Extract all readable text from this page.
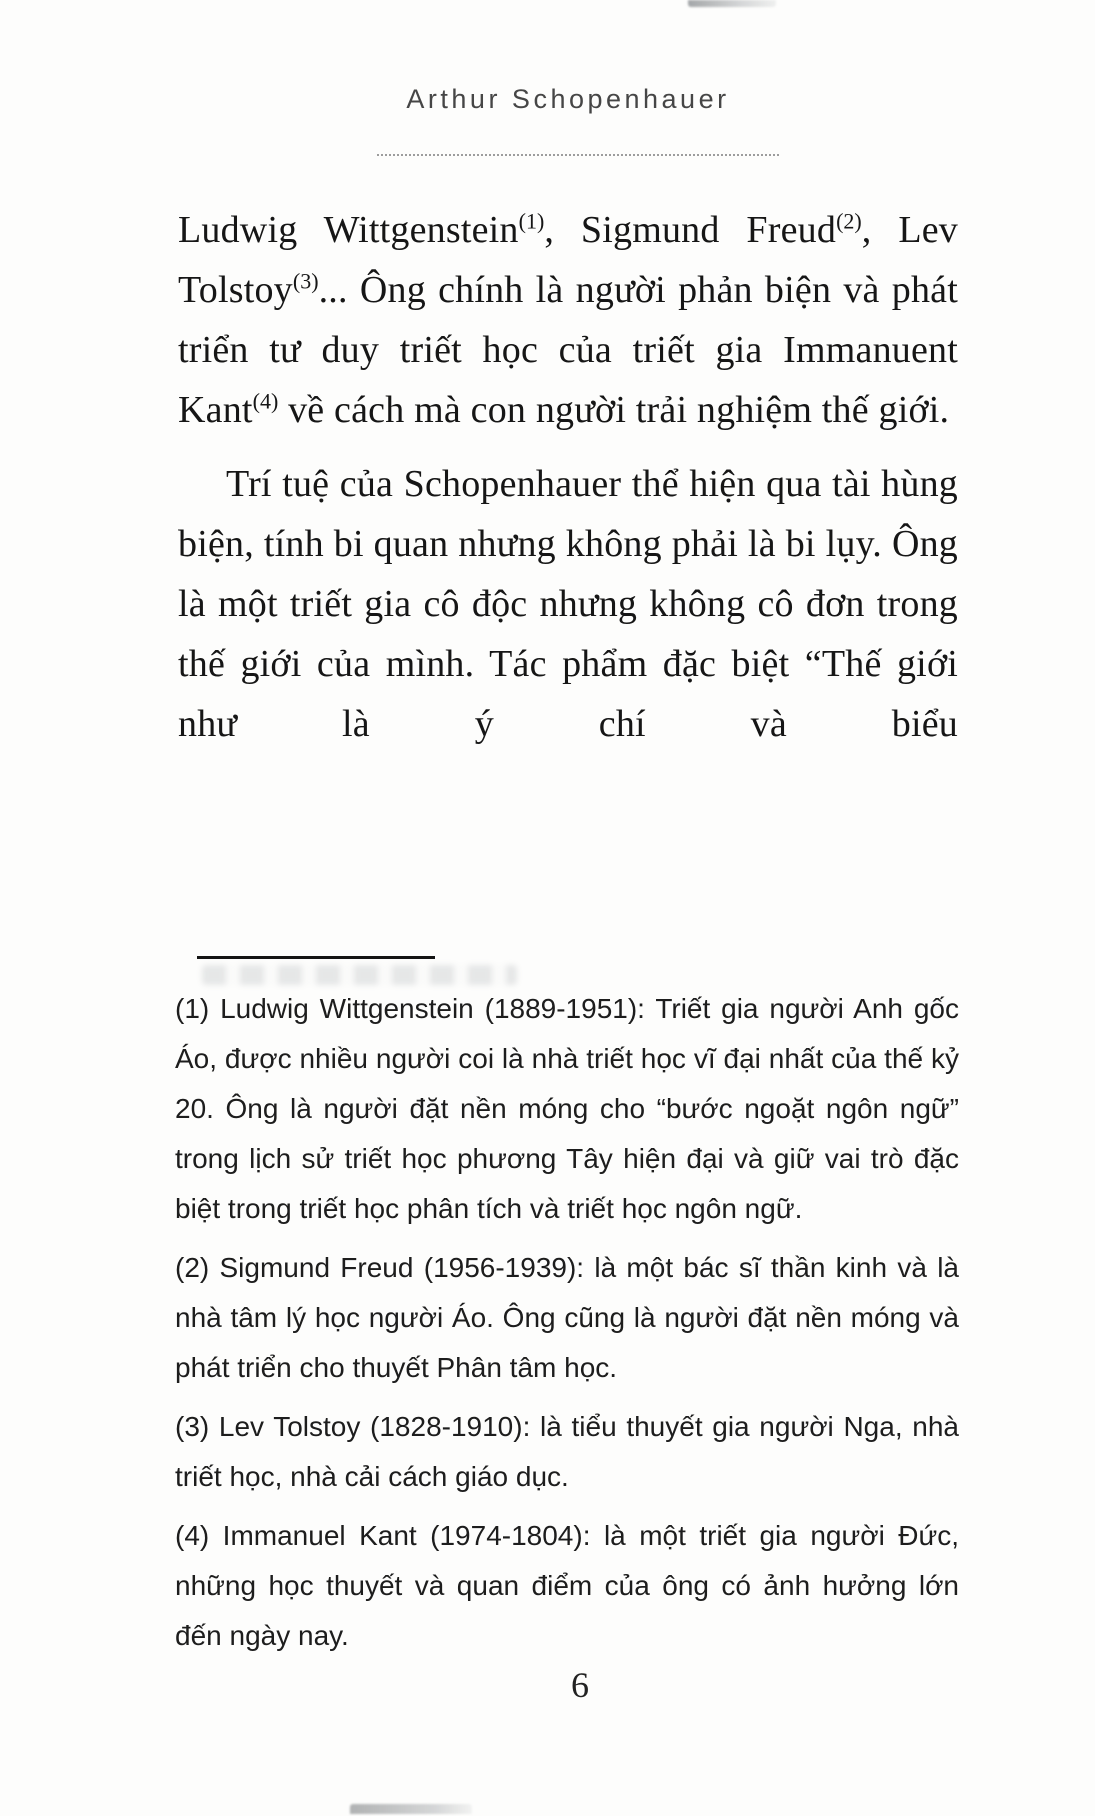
Arthur Schopenhauer

Ludwig Wittgenstein$^{(1)}$, Sigmund Freud$^{(2)}$, Lev Tolstoy$^{(3)}$... Ông chính là người phản biện và phát triển tư duy triết học của triết gia Immanuent Kant$^{(4)}$ về cách mà con người trải nghiệm thế giới.

Trí tuệ của Schopenhauer thể hiện qua tài hùng biện, tính bi quan nhưng không phải là bi lụy. Ông là một triết gia cô độc nhưng không cô đơn trong thế giới của mình. Tác phẩm đặc biệt “Thế giới như là ý chí và biểu

(1) Ludwig Wittgenstein (1889-1951): Triết gia người Anh gốc Áo, được nhiều người coi là nhà triết học vĩ đại nhất của thế kỷ 20. Ông là người đặt nền móng cho “bước ngoặt ngôn ngữ” trong lịch sử triết học phương Tây hiện đại và giữ vai trò đặc biệt trong triết học phân tích và triết học ngôn ngữ.
(2) Sigmund Freud (1956-1939): là một bác sĩ thần kinh và là nhà tâm lý học người Áo. Ông cũng là người đặt nền móng và phát triển cho thuyết Phân tâm học.
(3) Lev Tolstoy (1828-1910): là tiểu thuyết gia người Nga, nhà triết học, nhà cải cách giáo dục.
(4) Immanuel Kant (1974-1804): là một triết gia người Đức, những học thuyết và quan điểm của ông có ảnh hưởng lớn đến ngày nay.
6
